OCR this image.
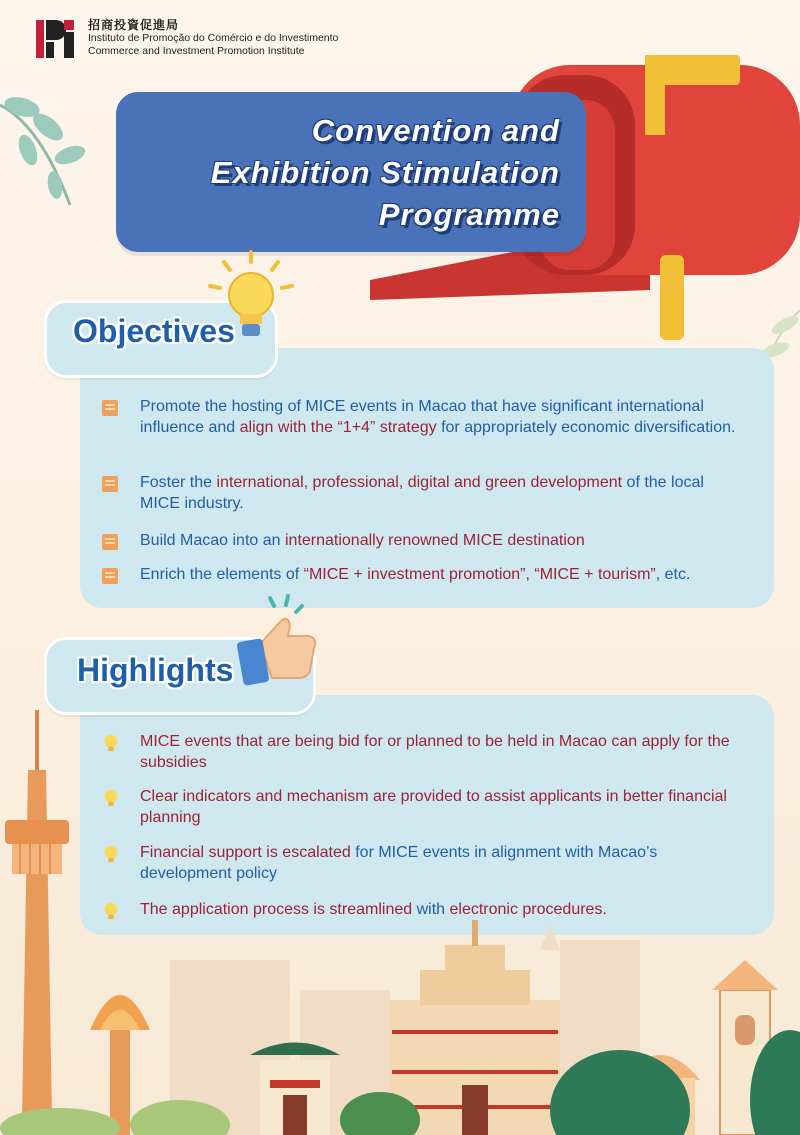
招商投資促進局
Instituto de Promoção do Comércio e do Investimento
Commerce and Investment Promotion Institute
Convention and
Exhibition Stimulation
Programme
Objectives
Promote the hosting of MICE events in Macao that have significant international influence and align with the “1+4” strategy for appropriately economic diversification.
Foster the international, professional, digital and green development of the local MICE industry.
Build Macao into an internationally renowned MICE destination
Enrich the elements of “MICE + investment promotion”, “MICE + tourism”, etc.
Highlights
MICE events that are being bid for or planned to be held in Macao can apply for the subsidies
Clear indicators and mechanism are provided to assist applicants in better financial planning
Financial support is escalated for MICE events in alignment with Macao’s development policy
The application process is streamlined with electronic procedures.
